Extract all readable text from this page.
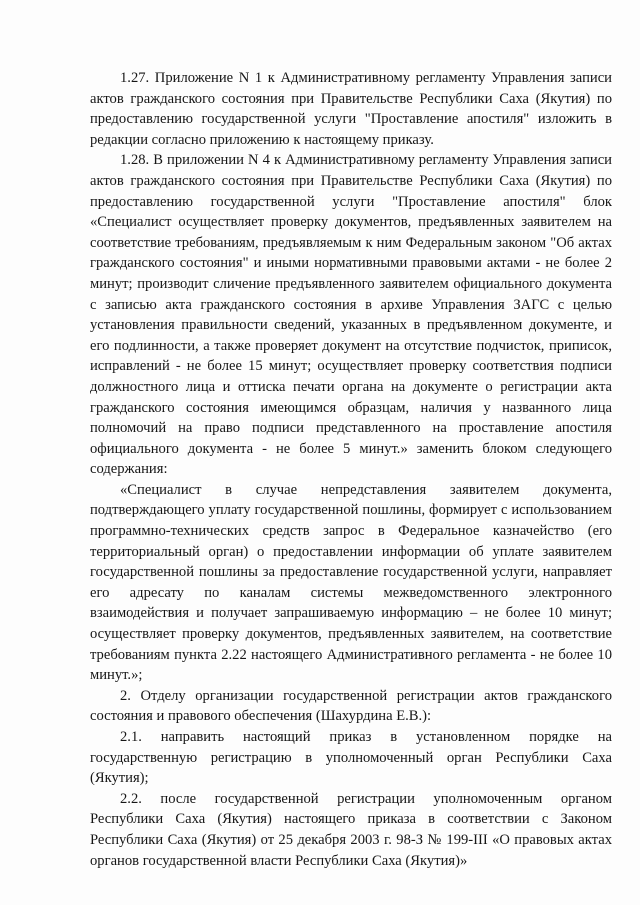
1.27. Приложение N 1 к Административному регламенту Управления записи актов гражданского состояния при Правительстве Республики Саха (Якутия) по предоставлению государственной услуги "Проставление апостиля" изложить в редакции согласно приложению к настоящему приказу.

1.28. В приложении N 4 к Административному регламенту Управления записи актов гражданского состояния при Правительстве Республики Саха (Якутия) по предоставлению государственной услуги "Проставление апостиля" блок «Специалист осуществляет проверку документов, предъявленных заявителем на соответствие требованиям, предъявляемым к ним Федеральным законом "Об актах гражданского состояния" и иными нормативными правовыми актами - не более 2 минут; производит сличение предъявленного заявителем официального документа с записью акта гражданского состояния в архиве Управления ЗАГС с целью установления правильности сведений, указанных в предъявленном документе, и его подлинности, а также проверяет документ на отсутствие подчисток, приписок, исправлений - не более 15 минут; осуществляет проверку соответствия подписи должностного лица и оттиска печати органа на документе о регистрации акта гражданского состояния имеющимся образцам, наличия у названного лица полномочий на право подписи представленного на проставление апостиля официального документа - не более 5 минут.» заменить блоком следующего содержания:

«Специалист в случае непредставления заявителем документа, подтверждающего уплату государственной пошлины, формирует с использованием программно-технических средств запрос в Федеральное казначейство (его территориальный орган) о предоставлении информации об уплате заявителем государственной пошлины за предоставление государственной услуги, направляет его адресату по каналам системы межведомственного электронного взаимодействия и получает запрашиваемую информацию – не более 10 минут; осуществляет проверку документов, предъявленных заявителем, на соответствие требованиям пункта 2.22 настоящего Административного регламента - не более 10 минут.»;

2. Отделу организации государственной регистрации актов гражданского состояния и правового обеспечения (Шахурдина Е.В.):

2.1. направить настоящий приказ в установленном порядке на государственную регистрацию в уполномоченный орган Республики Саха (Якутия);

2.2. после государственной регистрации уполномоченным органом Республики Саха (Якутия) настоящего приказа в соответствии с Законом Республики Саха (Якутия) от 25 декабря 2003 г. 98-З № 199-III «О правовых актах органов государственной власти Республики Саха (Якутия)»
